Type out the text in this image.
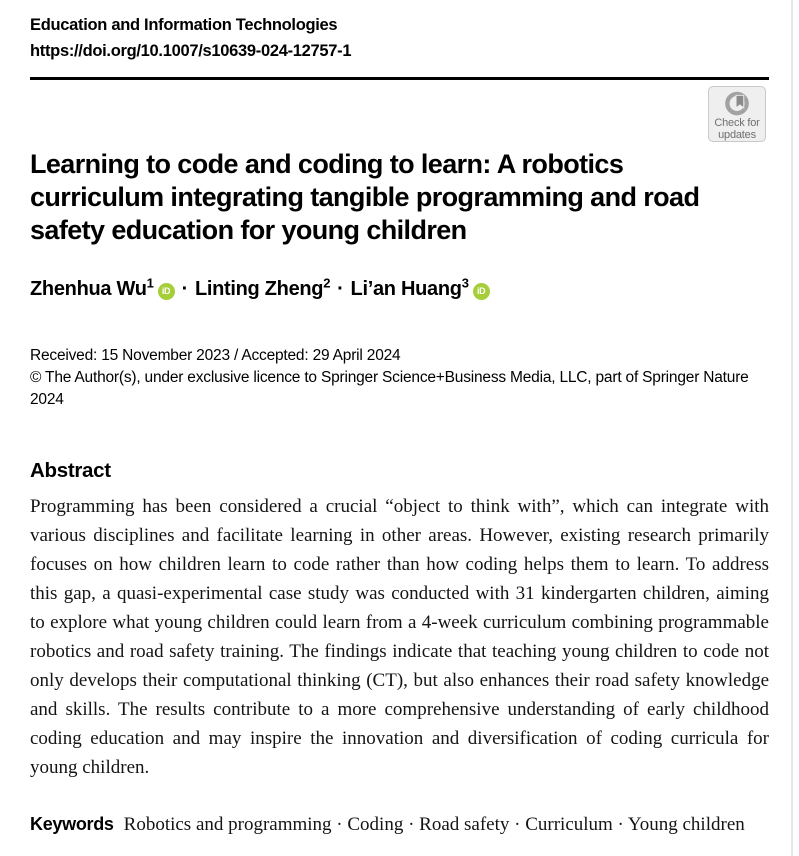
Education and Information Technologies
https://doi.org/10.1007/s10639-024-12757-1
Check for
updates
Learning to code and coding to learn: A robotics curriculum integrating tangible programming and road safety education for young children
Zhenhua $Wu^1iD$ · Linting Zheng$^2$ · Li’an Huang$^3$iD
Received: 15 November 2023 / Accepted: 29 April 2024
© The Author(s), under exclusive licence to Springer Science+Business Media, LLC, part of Springer Nature 2024
Abstract
Programming has been considered a crucial “object to think with”, which can integrate with various disciplines and facilitate learning in other areas. However, existing research primarily focuses on how children learn to code rather than how coding helps them to learn. To address this gap, a quasi-experimental case study was conducted with 31 kindergarten children, aiming to explore what young children could learn from a 4-week curriculum combining programmable robotics and road safety training. The findings indicate that teaching young children to code not only develops their computational thinking (CT), but also enhances their road safety knowledge and skills. The results contribute to a more comprehensive understanding of early childhood coding education and may inspire the innovation and diversification of coding curricula for young children.
Keywords Robotics and programming · Coding · Road safety · Curriculum · Young children
